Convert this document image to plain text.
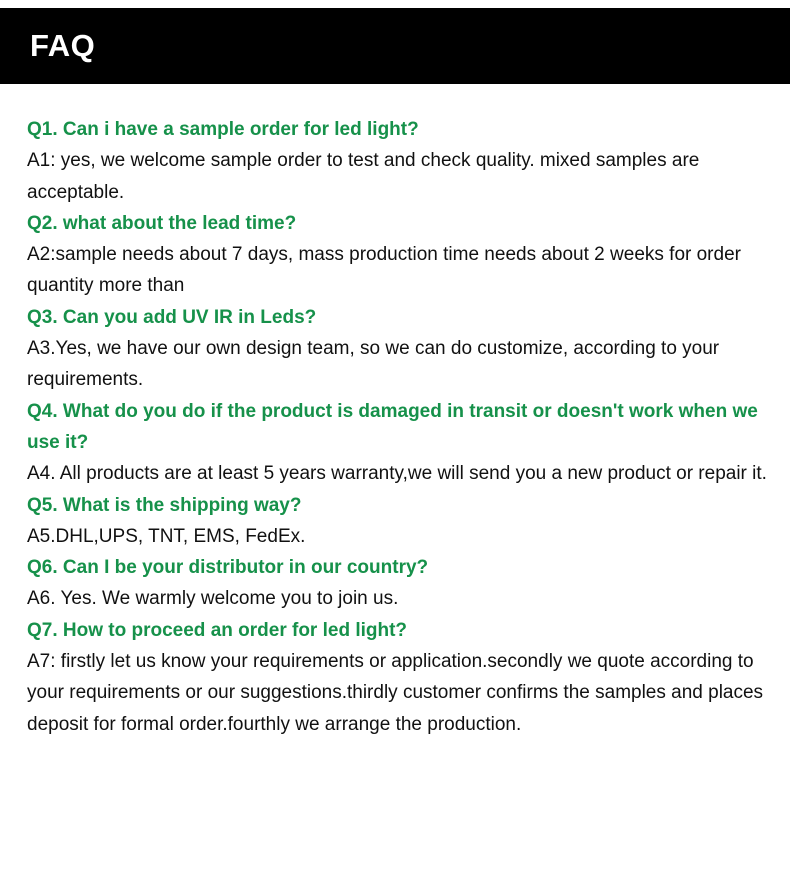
FAQ

Q1. Can i have a sample order for led light?

A1: yes, we welcome sample order to test and check quality. mixed samples are acceptable.

Q2. what about the lead time?

A2:sample needs about 7 days, mass production time needs about 2 weeks for order quantity more than

Q3. Can you add UV IR in Leds?

A3.Yes, we have our own design team, so we can do customize, according to your requirements.

Q4. What do you do if the product is damaged in transit or doesn't work when we use it?

A4. All products are at least 5 years warranty,we will send you a new product or repair it.

Q5. What is the shipping way?

A5.DHL,UPS, TNT, EMS, FedEx.

Q6. Can I be your distributor in our country?

A6. Yes. We warmly welcome you to join us.

Q7. How to proceed an order for led light?

A7: firstly let us know your requirements or application.secondly we quote according to your requirements or our suggestions.thirdly customer confirms the samples and places deposit for formal order.fourthly we arrange the production.
